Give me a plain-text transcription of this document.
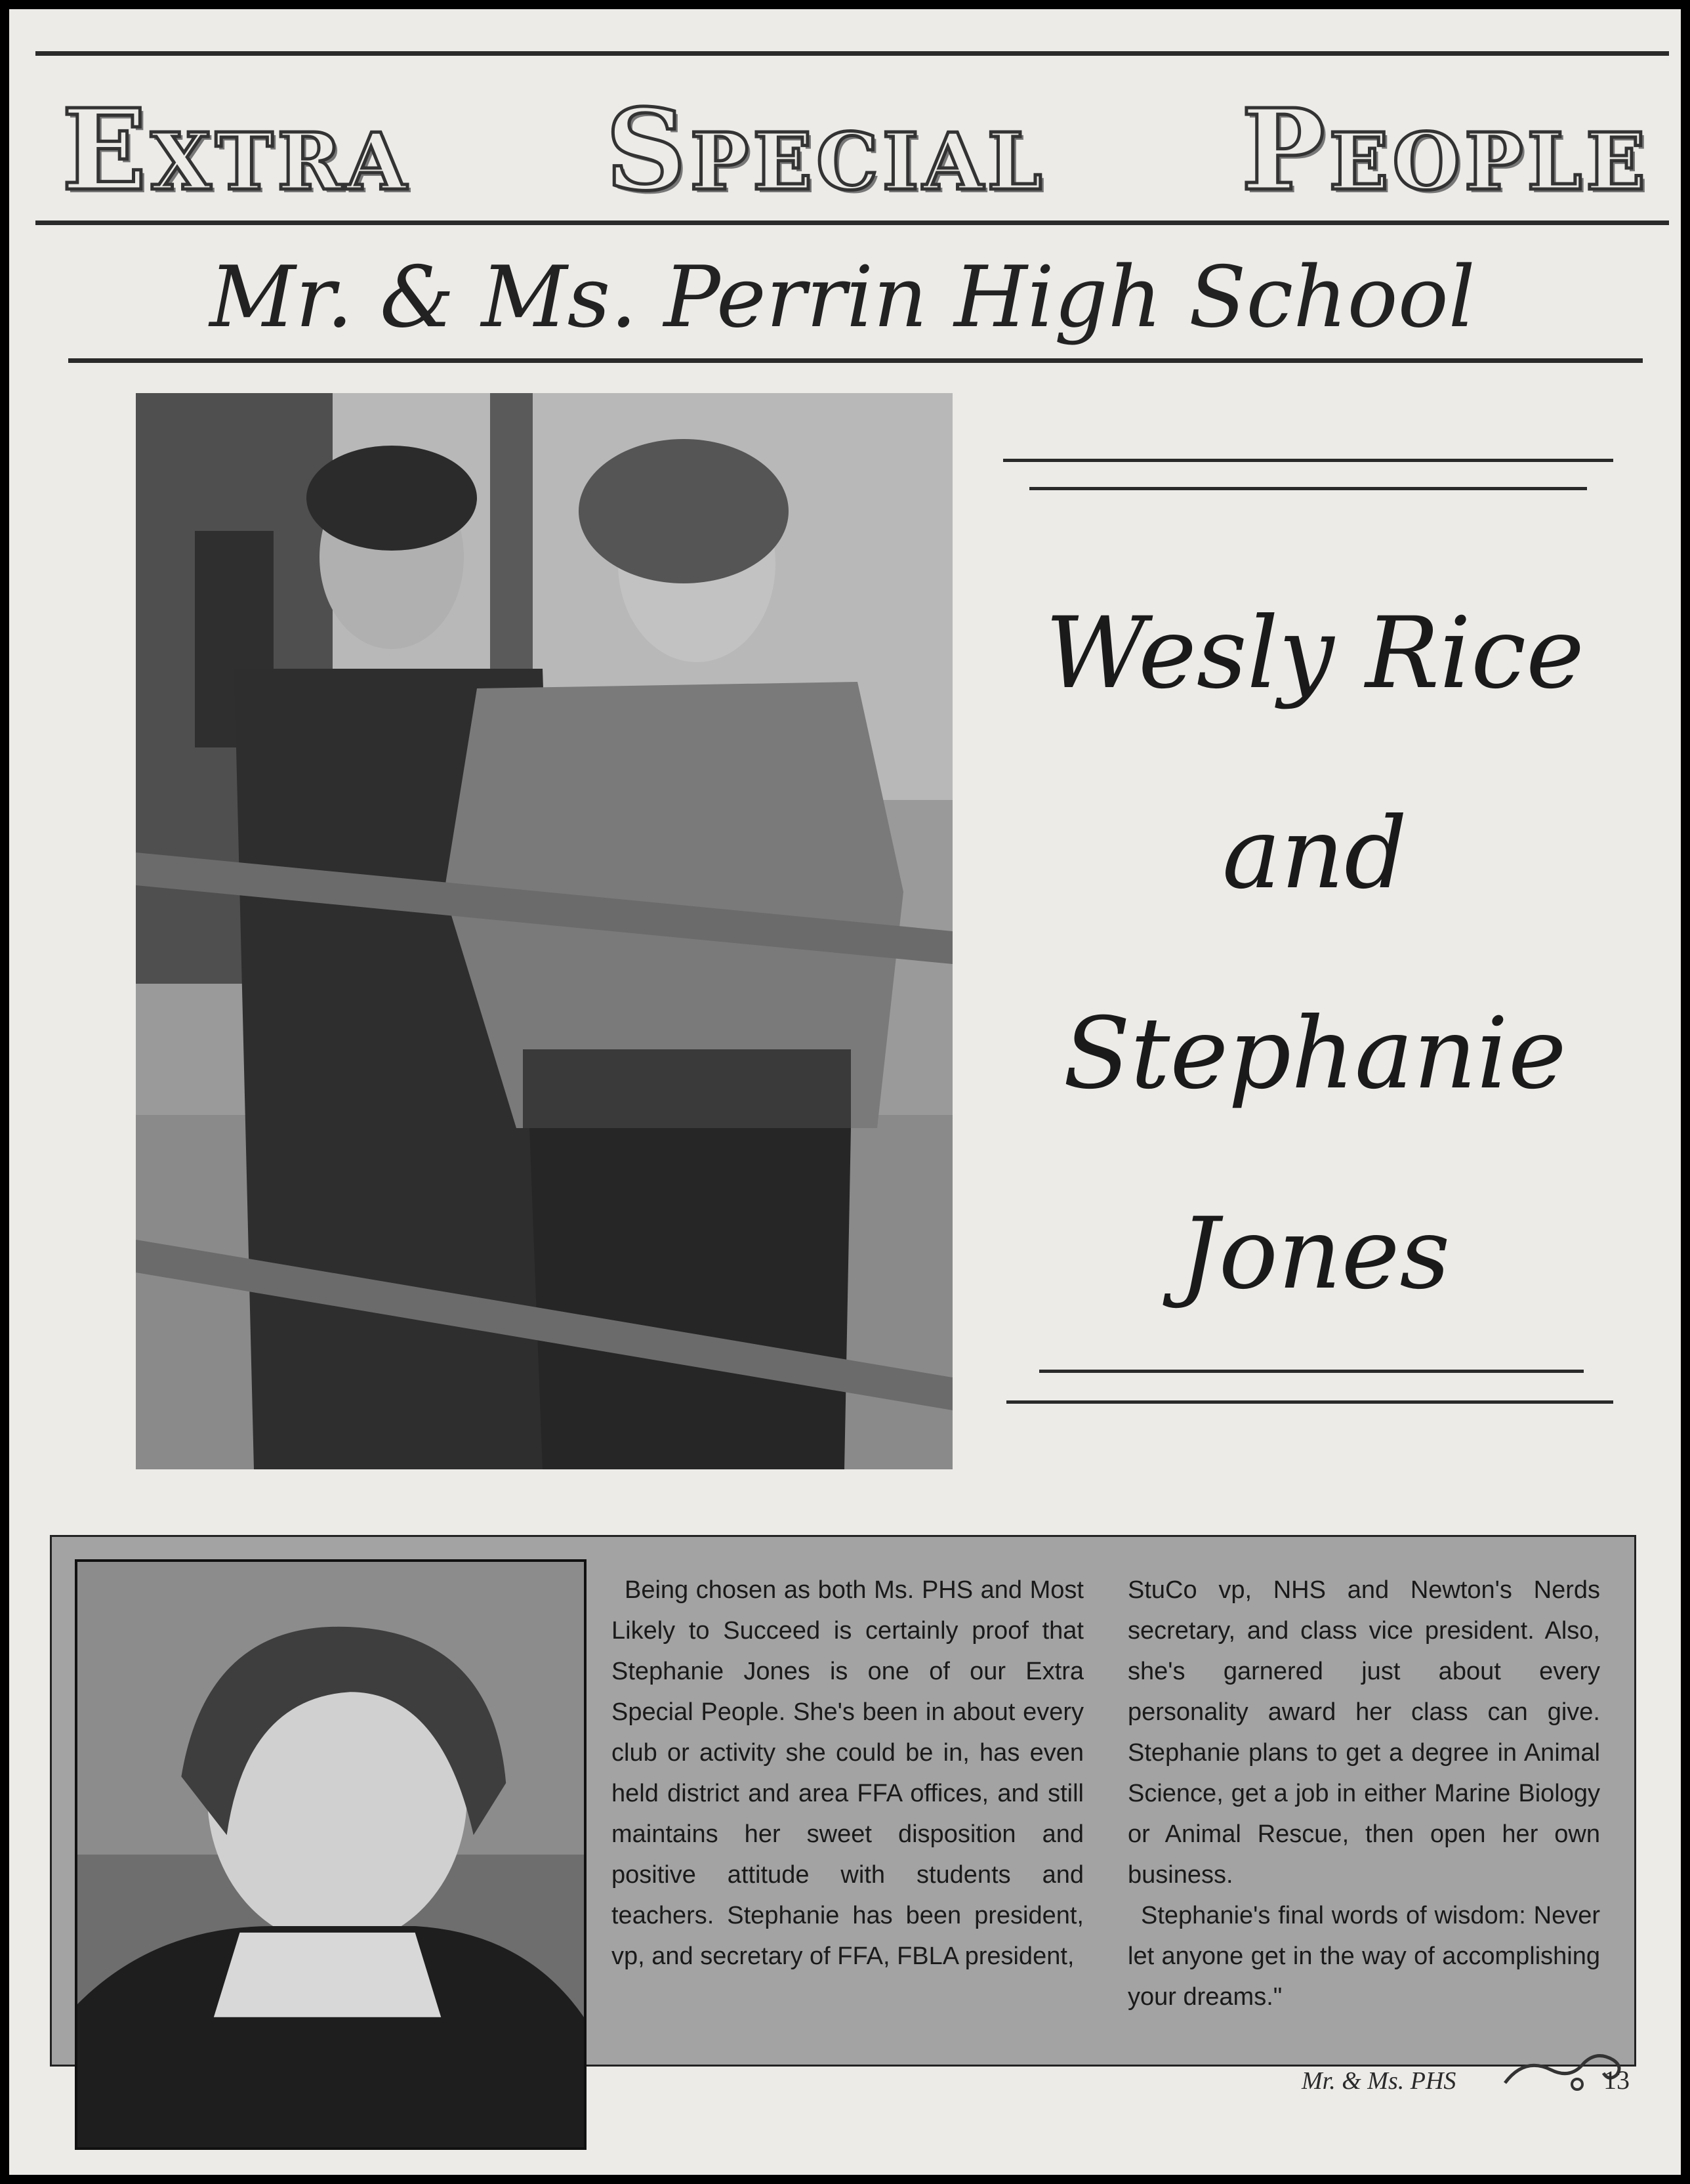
Extra Special People
Mr. & Ms. Perrin High School
Wesly Rice
and
Stephanie
Jones

Being chosen as both Ms. PHS and Most Likely to Succeed is certainly proof that Stephanie Jones is one of our Extra Special People. She's been in about every club or activity she could be in, has even held district and area FFA offices, and still maintains her sweet disposition and positive attitude with students and teachers. Stephanie has been president, vp, and secretary of FFA, FBLA president,

StuCo vp, NHS and Newton's Nerds secretary, and class vice president. Also, she's garnered just about every personality award her class can give. Stephanie plans to get a degree in Animal Science, get a job in either Marine Biology or Animal Rescue, then open her own business.

Stephanie's final words of wisdom: Never let anyone get in the way of accomplishing your dreams."

Mr. & Ms. PHS	13
